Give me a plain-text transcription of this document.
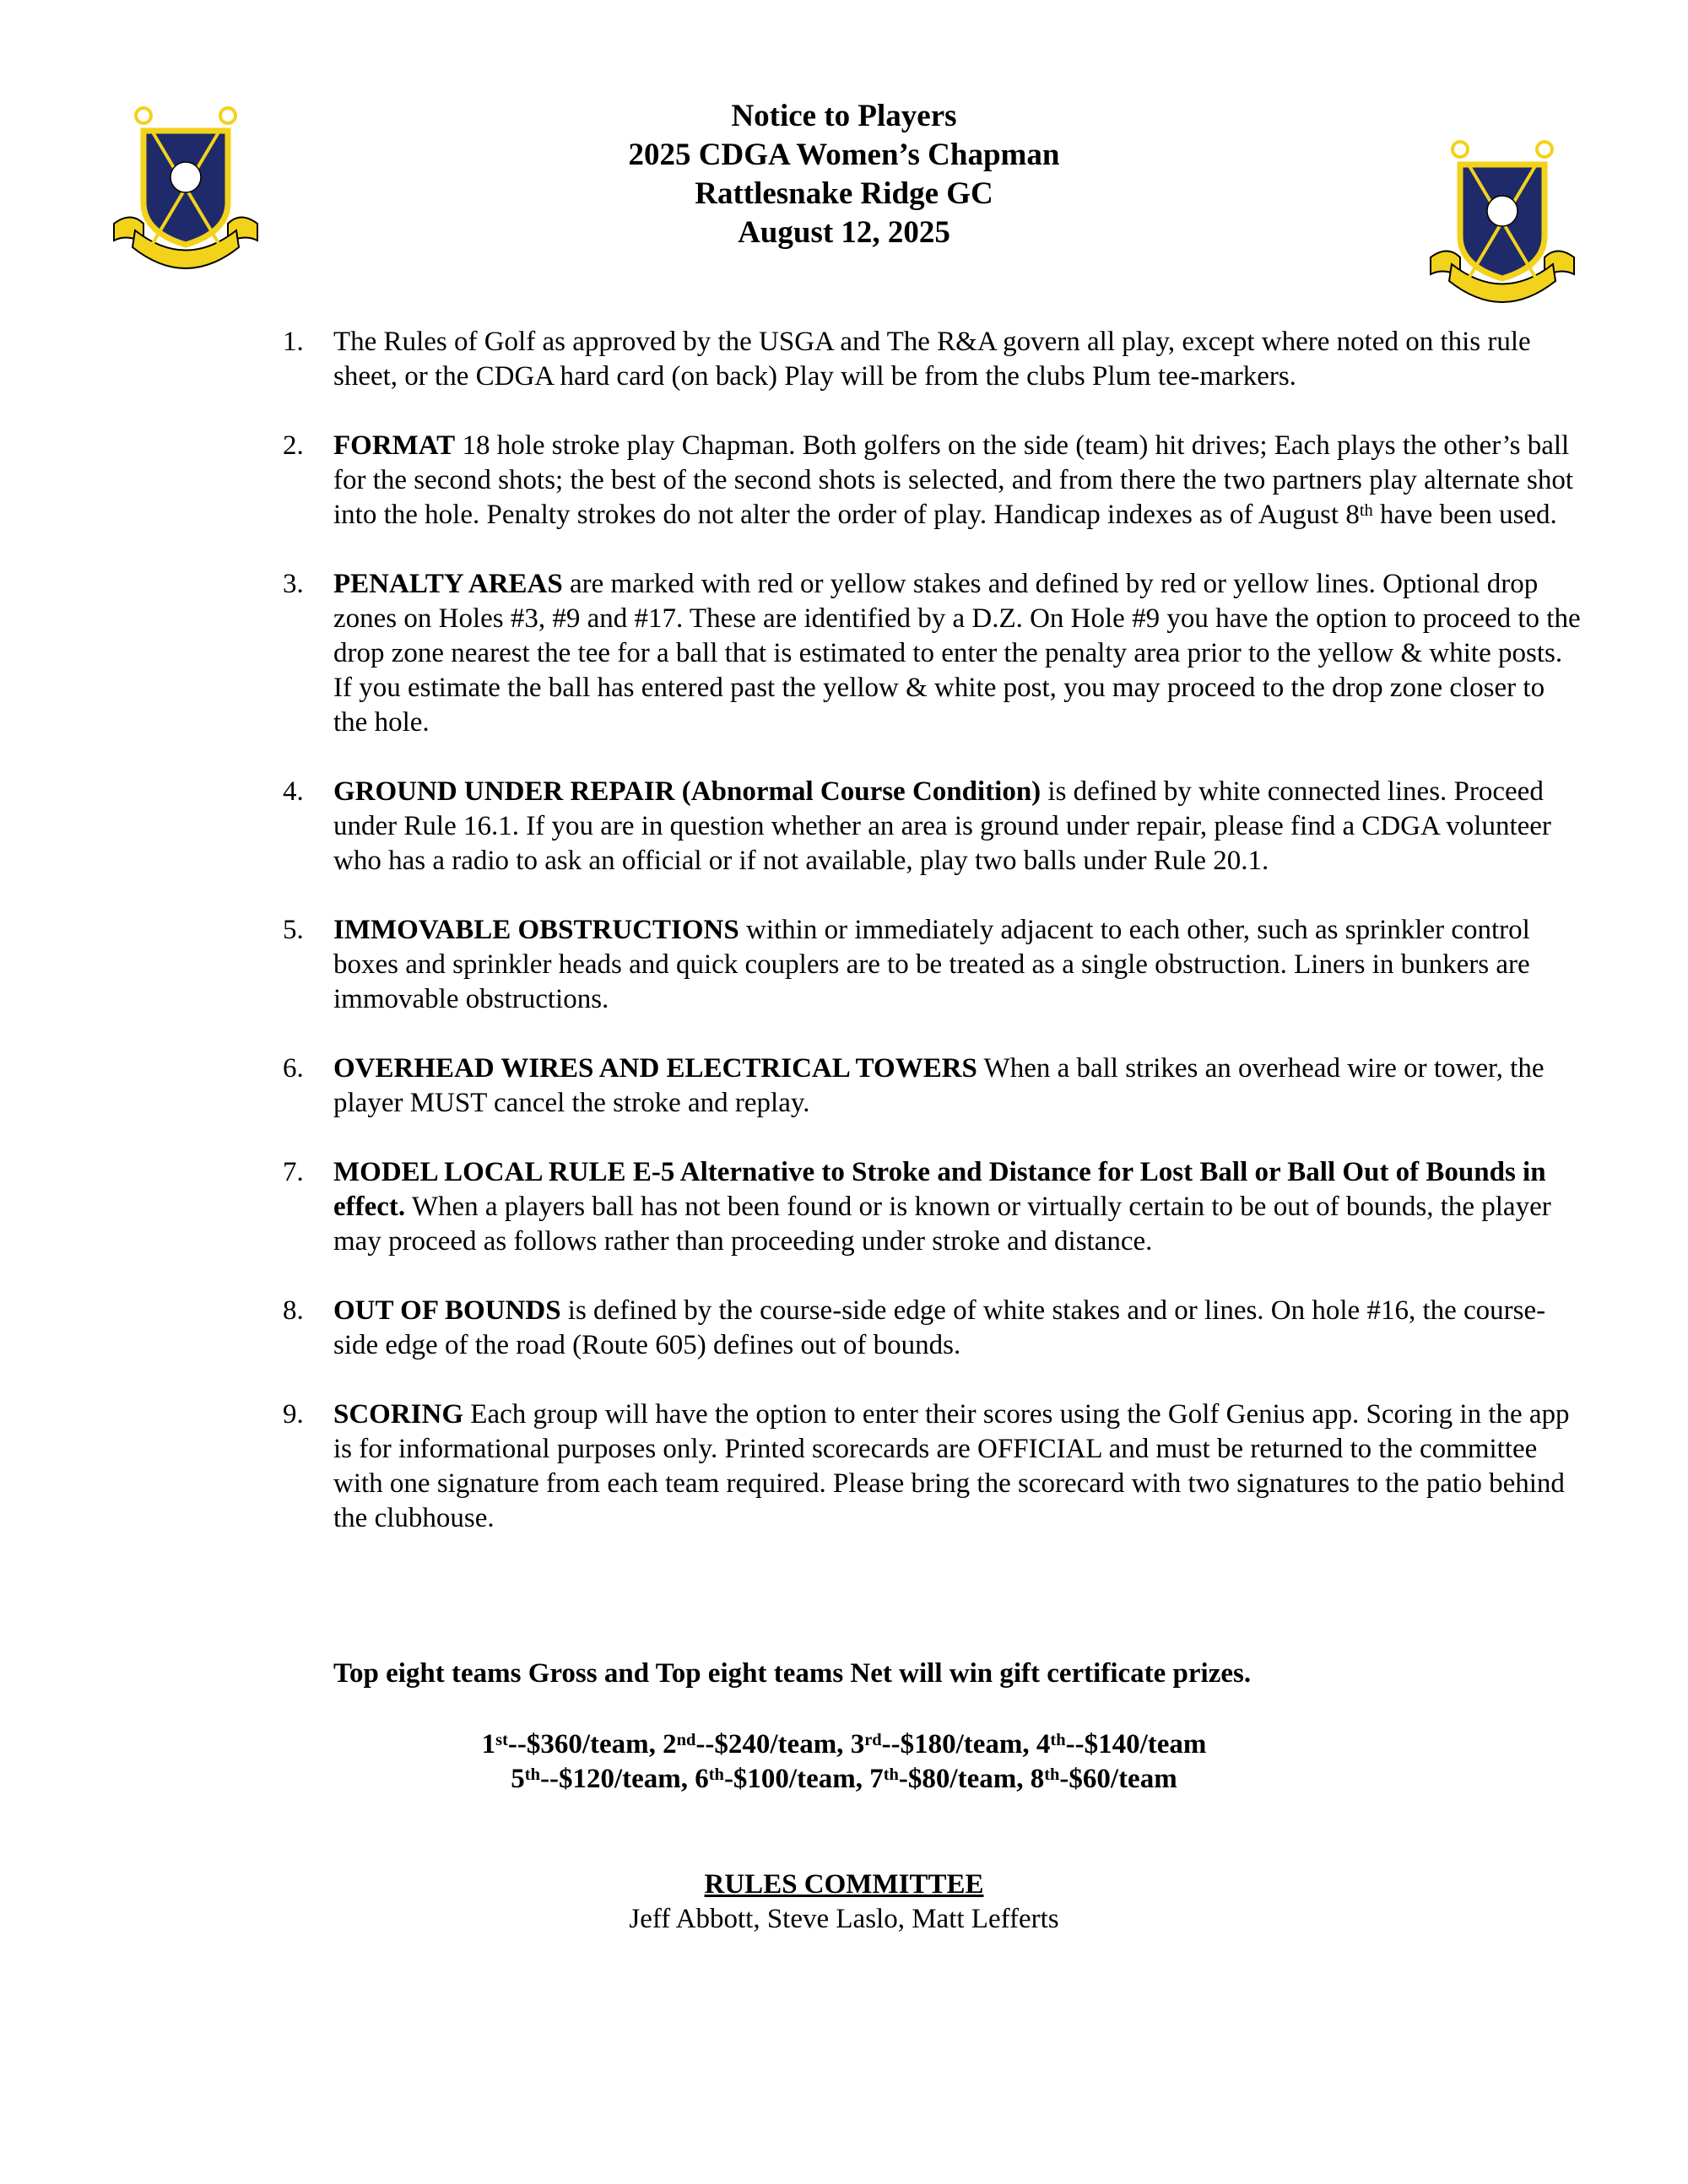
Notice to Players
2025 CDGA Women’s Chapman
Rattlesnake Ridge GC
August 12, 2025
1. The Rules of Golf as approved by the USGA and The R&A govern all play, except where noted on this rule sheet, or the CDGA hard card (on back) Play will be from the clubs Plum tee-markers.
2. FORMAT 18 hole stroke play Chapman. Both golfers on the side (team) hit drives; Each plays the other’s ball for the second shots; the best of the second shots is selected, and from there the two partners play alternate shot into the hole. Penalty strokes do not alter the order of play. Handicap indexes as of August 8th have been used.
3. PENALTY AREAS are marked with red or yellow stakes and defined by red or yellow lines. Optional drop zones on Holes #3, #9 and #17. These are identified by a D.Z. On Hole #9 you have the option to proceed to the drop zone nearest the tee for a ball that is estimated to enter the penalty area prior to the yellow & white posts. If you estimate the ball has entered past the yellow & white post, you may proceed to the drop zone closer to the hole.
4. GROUND UNDER REPAIR (Abnormal Course Condition) is defined by white connected lines. Proceed under Rule 16.1. If you are in question whether an area is ground under repair, please find a CDGA volunteer who has a radio to ask an official or if not available, play two balls under Rule 20.1.
5. IMMOVABLE OBSTRUCTIONS within or immediately adjacent to each other, such as sprinkler control boxes and sprinkler heads and quick couplers are to be treated as a single obstruction. Liners in bunkers are immovable obstructions.
6. OVERHEAD WIRES AND ELECTRICAL TOWERS When a ball strikes an overhead wire or tower, the player MUST cancel the stroke and replay.
7. MODEL LOCAL RULE E-5 Alternative to Stroke and Distance for Lost Ball or Ball Out of Bounds in effect. When a players ball has not been found or is known or virtually certain to be out of bounds, the player may proceed as follows rather than proceeding under stroke and distance.
8. OUT OF BOUNDS is defined by the course-side edge of white stakes and or lines. On hole #16, the course-side edge of the road (Route 605) defines out of bounds.
9. SCORING Each group will have the option to enter their scores using the Golf Genius app. Scoring in the app is for informational purposes only. Printed scorecards are OFFICIAL and must be returned to the committee with one signature from each team required. Please bring the scorecard with two signatures to the patio behind the clubhouse.
Top eight teams Gross and Top eight teams Net will win gift certificate prizes.
1st--$360/team, 2nd--$240/team, 3rd--$180/team, 4th--$140/team
5th--$120/team, 6th-$100/team, 7th-$80/team, 8th-$60/team
RULES COMMITTEE
Jeff Abbott, Steve Laslo, Matt Lefferts
